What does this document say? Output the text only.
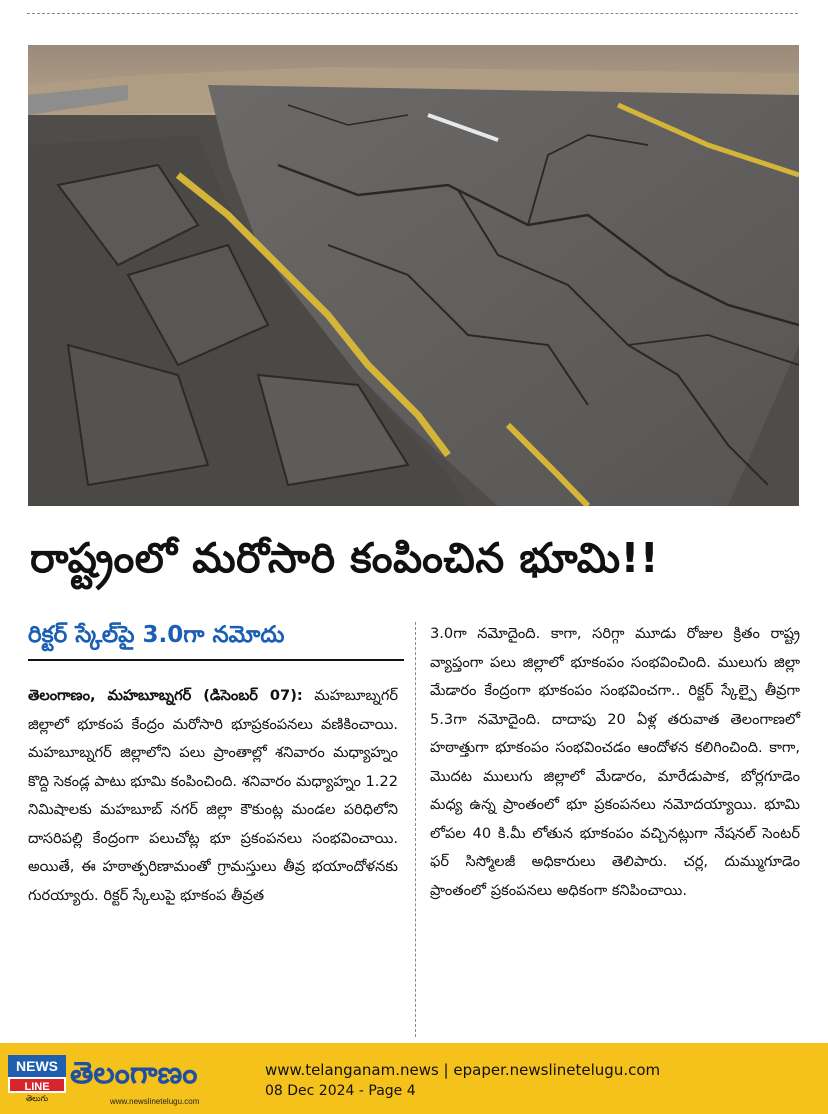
రాష్ట్రంలో మరోసారి కంపించిన భూమి!!
రిక్టర్‌ స్కేల్‌పై 3.0గా నమోదు
తెలంగాణం, మహబూబ్నగర్ (డిసెంబర్ 07): మహబూబ్నగర్ జిల్లాలో భూకంప కేంద్రం మరోసారి భూప్రకంపనలు వణికించాయి. మహబూబ్నగర్ జిల్లాలోని పలు ప్రాంతాల్లో శనివారం మధ్యాహ్నం కొద్ది సెకండ్ల పాటు భూమి కంపించింది. శనివారం మధ్యాహ్నం 1.22 నిమిషాలకు మహబూబ్ నగర్ జిల్లా కౌకుంట్ల మండల పరిధిలోని దాసరిపల్లి కేంద్రంగా పలుచోట్ల భూ ప్రకంపనలు సంభవించాయి. అయితే, ఈ హఠాత్పరిణామంతో గ్రామస్తులు తీవ్ర భయాందోళనకు గురయ్యారు. రిక్టర్ స్కేలుపై భూకంప తీవ్రత
3.0గా నమోదైంది. కాగా, సరిగ్గా మూడు రోజుల క్రితం రాష్ట్ర వ్యాప్తంగా పలు జిల్లాలో భూకంపం సంభవించింది. ములుగు జిల్లా మేడారం కేంద్రంగా భూకంపం సంభవించగా.. రిక్టర్ స్కేల్పై తీవ్రగా 5.3గా నమోదైంది. దాదాపు 20 ఏళ్ల తరువాత తెలంగాణలో హఠాత్తుగా భూకంపం సంభవించడం ఆందోళన కలిగించింది. కాగా, మొదట ములుగు జిల్లాలో మేడారం, మారేడుపాక, బోర్లగూడెం మధ్య ఉన్న ప్రాంతంలో భూ ప్రకంపనలు నమోదయ్యాయి. భూమి లోపల 40 కి.మీ లోతున భూకంపం వచ్చినట్లుగా నేషనల్ సెంటర్ ఫర్ సిస్మోలజీ అధికారులు తెలిపారు. చర్ల, దుమ్ముగూడెం ప్రాంతంలో ప్రకంపనలు అధికంగా కనిపించాయి.
NEWS
LINE
తెలుగు
తెలంగాణం
www.newslinetelugu.com
www.telanganam.news | epaper.newslinetelugu.com
08 Dec 2024 - Page 4
